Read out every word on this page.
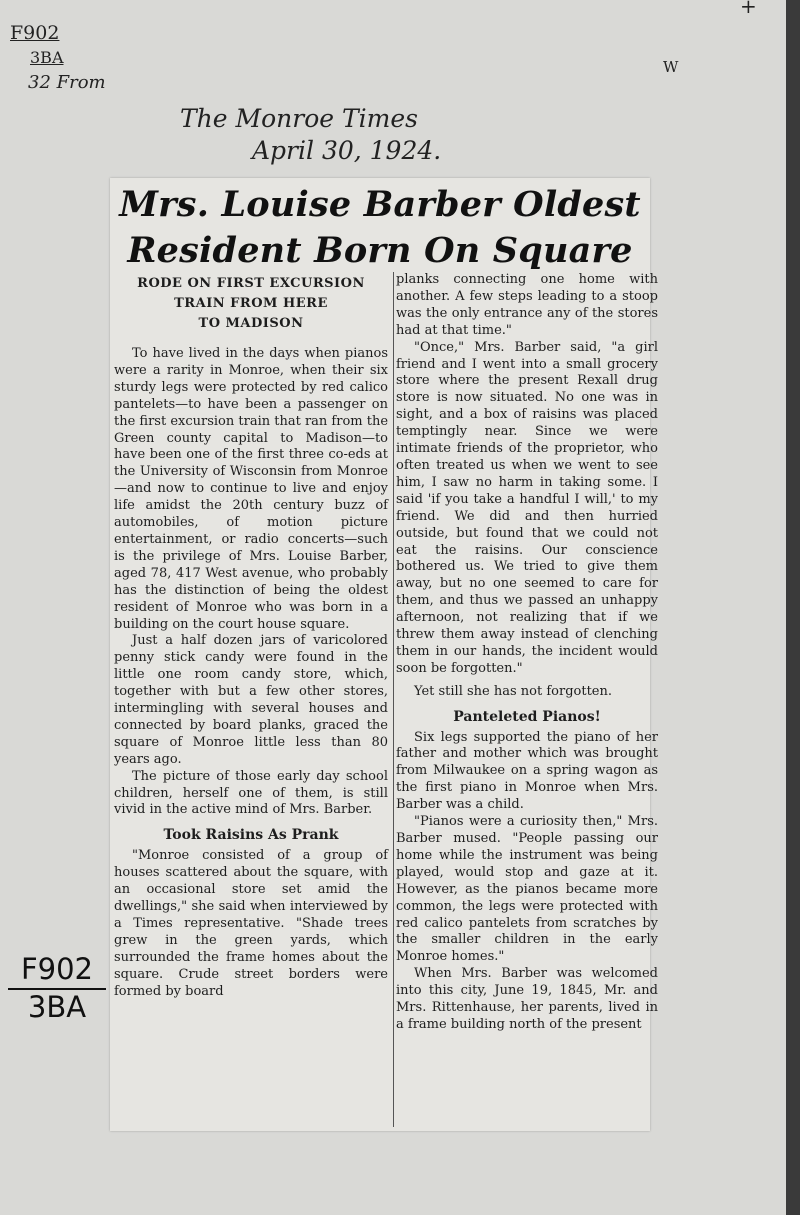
F902
3BA
32 From
W
+
The Monroe Times
April 30, 1924.
F902
3BA
Mrs. Louise Barber Oldest
Resident Born On Square
RODE ON FIRST EXCURSION
TRAIN FROM HERE
TO MADISON

To have lived in the days when pianos were a rarity in Monroe, when their six sturdy legs were protected by red calico pantelets—to have been a passenger on the first excursion train that ran from the Green county capital to Madison—to have been one of the first three co-eds at the University of Wisconsin from Monroe—and now to continue to live and enjoy life amidst the 20th century buzz of automobiles, of motion picture entertainment, or radio concerts—such is the privilege of Mrs. Louise Barber, aged 78, 417 West avenue, who probably has the distinction of being the oldest resident of Monroe who was born in a building on the court house square.

Just a half dozen jars of varicolored penny stick candy were found in the little one room candy store, which, together with but a few other stores, intermingling with several houses and connected by board planks, graced the square of Monroe little less than 80 years ago.

The picture of those early day school children, herself one of them, is still vivid in the active mind of Mrs. Barber.

Took Raisins As Prank

"Monroe consisted of a group of houses scattered about the square, with an occasional store set amid the dwellings," she said when interviewed by a Times representative. "Shade trees grew in the green yards, which surrounded the frame homes about the square. Crude street borders were formed by board

planks connecting one home with another. A few steps leading to a stoop was the only entrance any of the stores had at that time."

"Once," Mrs. Barber said, "a girl friend and I went into a small grocery store where the present Rexall drug store is now situated. No one was in sight, and a box of raisins was placed temptingly near. Since we were intimate friends of the proprietor, who often treated us when we went to see him, I saw no harm in taking some. I said 'if you take a handful I will,' to my friend. We did and then hurried outside, but found that we could not eat the raisins. Our conscience bothered us. We tried to give them away, but no one seemed to care for them, and thus we passed an unhappy afternoon, not realizing that if we threw them away instead of clenching them in our hands, the incident would soon be forgotten."

Yet still she has not forgotten.

Panteleted Pianos!

Six legs supported the piano of her father and mother which was brought from Milwaukee on a spring wagon as the first piano in Monroe when Mrs. Barber was a child.

"Pianos were a curiosity then," Mrs. Barber mused. "People passing our home while the instrument was being played, would stop and gaze at it. However, as the pianos became more common, the legs were protected with red calico pantelets from scratches by the smaller children in the early Monroe homes."

When Mrs. Barber was welcomed into this city, June 19, 1845, Mr. and Mrs. Rittenhause, her parents, lived in a frame building north of the present
